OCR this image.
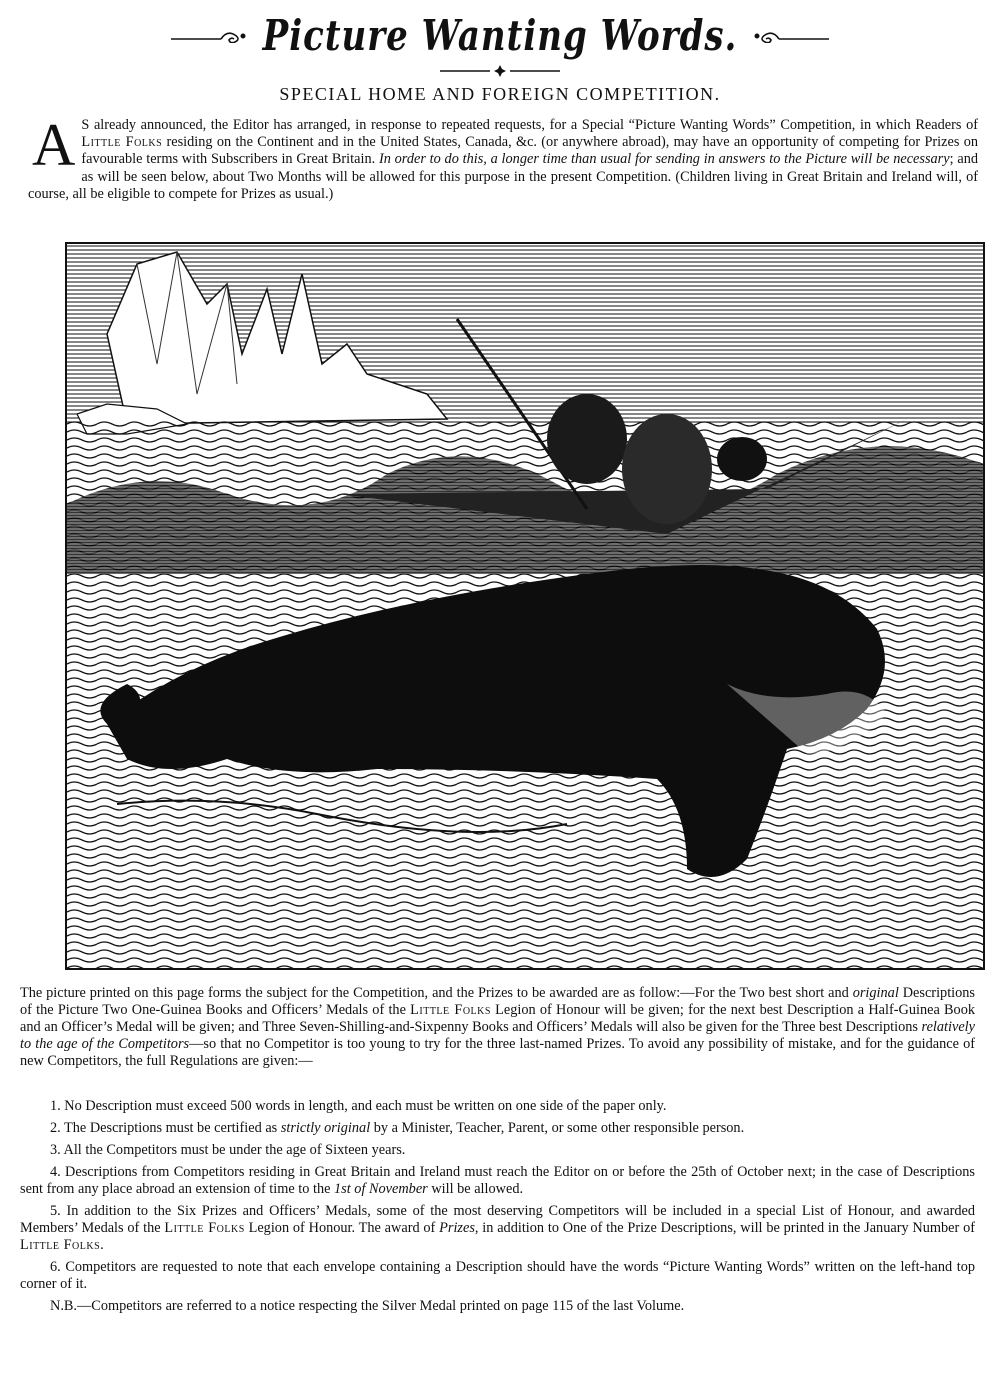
Picture Wanting Words.
SPECIAL HOME AND FOREIGN COMPETITION.
A S already announced, the Editor has arranged, in response to repeated requests, for a Special “Picture Wanting Words” Competition, in which Readers of Little Folks residing on the Continent and in the United States, Canada, &c. (or anywhere abroad), may have an opportunity of competing for Prizes on favourable terms with Subscribers in Great Britain. In order to do this, a longer time than usual for sending in answers to the Picture will be necessary; and as will be seen below, about Two Months will be allowed for this purpose in the present Competition. (Children living in Great Britain and Ireland will, of course, all be eligible to compete for Prizes as usual.)
The picture printed on this page forms the subject for the Competition, and the Prizes to be awarded are as follow:—For the Two best short and original Descriptions of the Picture Two One-Guinea Books and Officers’ Medals of the Little Folks Legion of Honour will be given; for the next best Description a Half-Guinea Book and an Officer’s Medal will be given; and Three Seven-Shilling-and-Sixpenny Books and Officers’ Medals will also be given for the Three best Descriptions relatively to the age of the Competitors—so that no Competitor is too young to try for the three last-named Prizes. To avoid any possibility of mistake, and for the guidance of new Competitors, the full Regulations are given:—
1. No Description must exceed 500 words in length, and each must be written on one side of the paper only.
2. The Descriptions must be certified as strictly original by a Minister, Teacher, Parent, or some other responsible person.
3. All the Competitors must be under the age of Sixteen years.
4. Descriptions from Competitors residing in Great Britain and Ireland must reach the Editor on or before the 25th of October next; in the case of Descriptions sent from any place abroad an extension of time to the 1st of November will be allowed.
5. In addition to the Six Prizes and Officers’ Medals, some of the most deserving Competitors will be included in a special List of Honour, and awarded Members’ Medals of the Little Folks Legion of Honour. The award of Prizes, in addition to One of the Prize Descriptions, will be printed in the January Number of Little Folks.
6. Competitors are requested to note that each envelope containing a Description should have the words “Picture Wanting Words” written on the left-hand top corner of it.
N.B.—Competitors are referred to a notice respecting the Silver Medal printed on page 115 of the last Volume.
